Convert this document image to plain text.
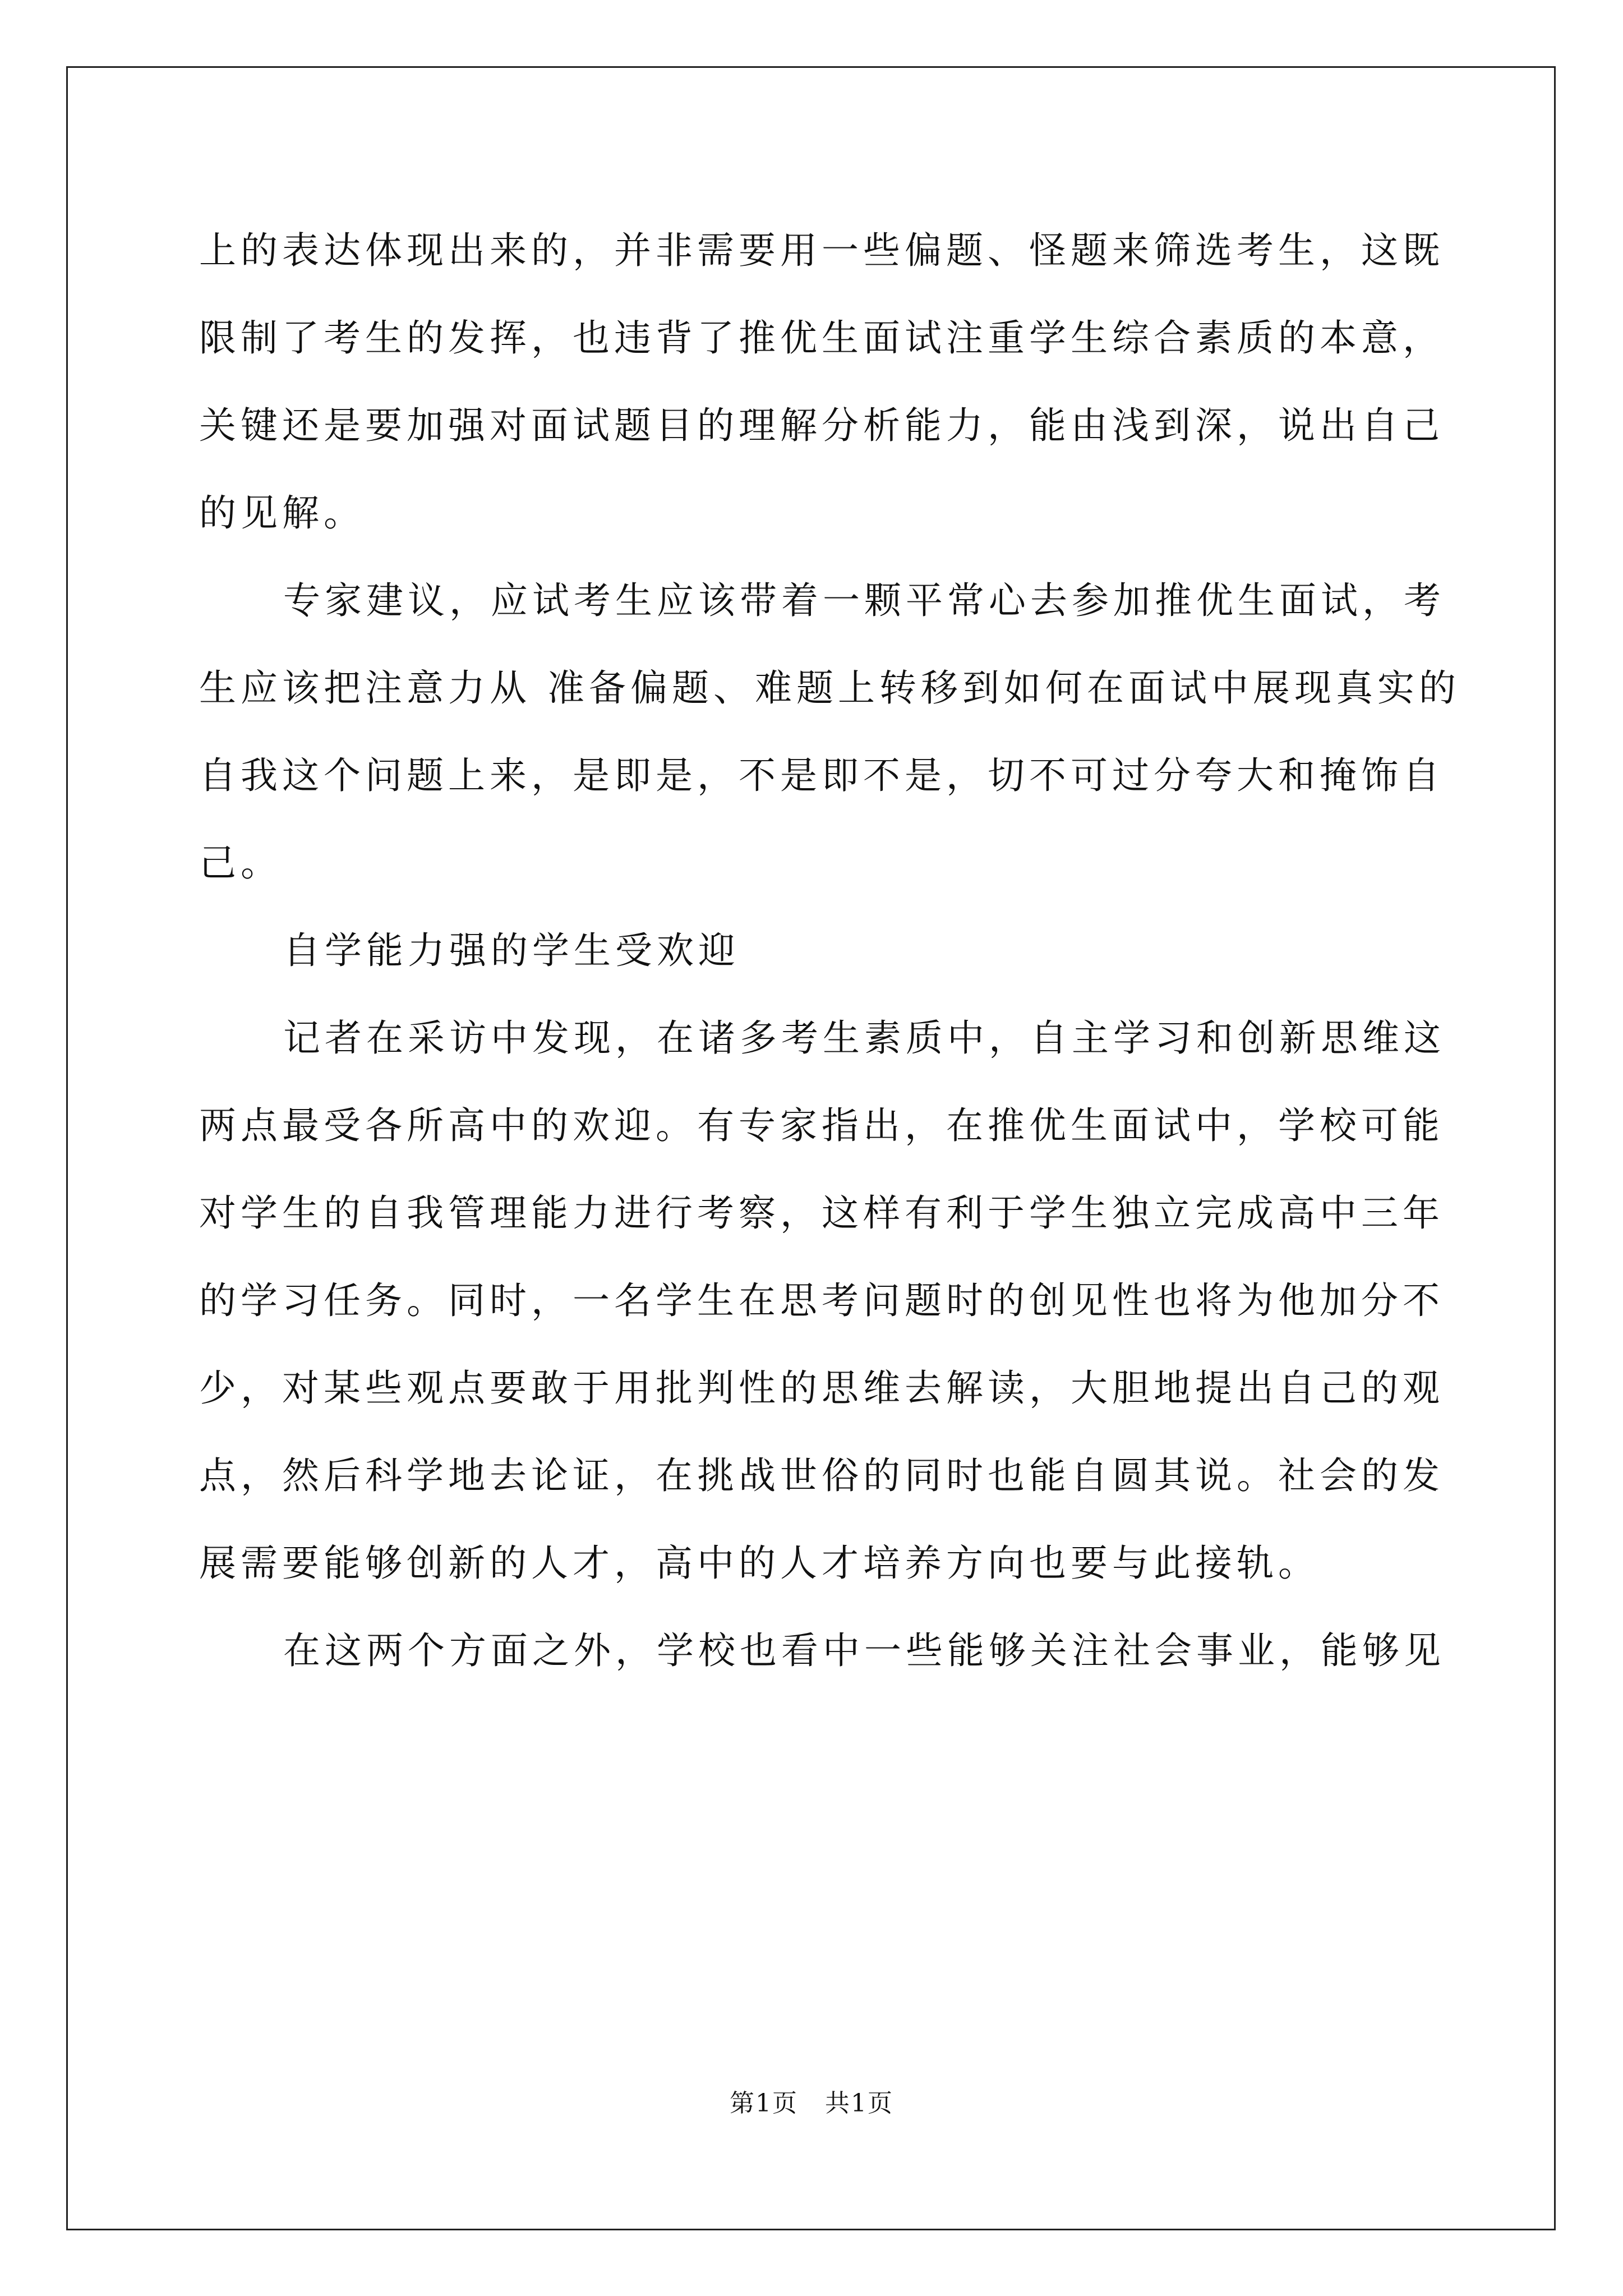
上的表达体现出来的，并非需要用一些偏题、怪题来筛选考生，这既
限制了考生的发挥，也违背了推优生面试注重学生综合素质的本意，
关键还是要加强对面试题目的理解分析能力，能由浅到深，说出自己
的见解。
专家建议，应试考生应该带着一颗平常心去参加推优生面试，考
生应该把注意力从 准备偏题、难题上转移到如何在面试中展现真实的
自我这个问题上来，是即是，不是即不是，切不可过分夸大和掩饰自
己。
自学能力强的学生受欢迎
记者在采访中发现，在诸多考生素质中，自主学习和创新思维这
两点最受各所高中的欢迎。有专家指出，在推优生面试中，学校可能
对学生的自我管理能力进行考察，这样有利于学生独立完成高中三年
的学习任务。同时，一名学生在思考问题时的创见性也将为他加分不
少，对某些观点要敢于用批判性的思维去解读，大胆地提出自己的观
点，然后科学地去论证，在挑战世俗的同时也能自圆其说。社会的发
展需要能够创新的人才，高中的人才培养方向也要与此接轨。
在这两个方面之外，学校也看中一些能够关注社会事业，能够见
第1页   共1页
